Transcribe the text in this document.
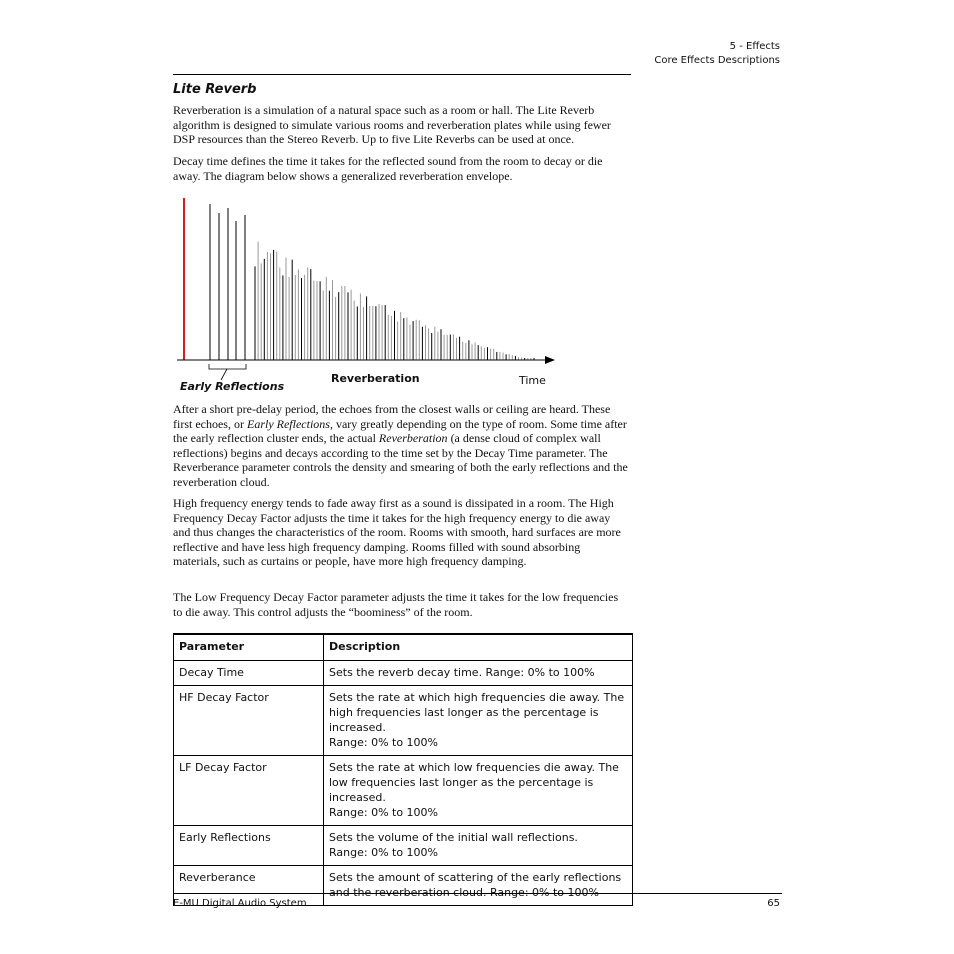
5 - Effects
Core Effects Descriptions
Lite Reverb

Reverberation is a simulation of a natural space such as a room or hall. The Lite Reverb algorithm is designed to simulate various rooms and reverberation plates while using fewer DSP resources than the Stereo Reverb. Up to five Lite Reverbs can be used at once.

Decay time defines the time it takes for the reflected sound from the room to decay or die away. The diagram below shows a generalized reverberation envelope.

Early Reflections
Reverberation	Time

After a short pre-delay period, the echoes from the closest walls or ceiling are heard. These first echoes, or Early Reflections, vary greatly depending on the type of room. Some time after the early reflection cluster ends, the actual Reverberation (a dense cloud of complex wall reflections) begins and decays according to the time set by the Decay Time parameter. The Reverberance parameter controls the density and smearing of both the early reflections and the reverberation cloud.

High frequency energy tends to fade away first as a sound is dissipated in a room. The High Frequency Decay Factor adjusts the time it takes for the high frequency energy to die away and thus changes the characteristics of the room. Rooms with smooth, hard surfaces are more reflective and have less high frequency damping. Rooms filled with sound absorbing materials, such as curtains or people, have more high frequency damping.

The Low Frequency Decay Factor parameter adjusts the time it takes for the low frequencies to die away. This control adjusts the “boominess” of the room.

Parameter	Description
Decay Time	Sets the reverb decay time. Range: 0% to 100%
HF Decay Factor	Sets the rate at which high frequencies die away. The high frequencies last longer as the percentage is increased.
Range: 0% to 100%
LF Decay Factor	Sets the rate at which low frequencies die away. The low frequencies last longer as the percentage is increased.
Range: 0% to 100%
Early Reflections	Sets the volume of the initial wall reflections.
Range: 0% to 100%
Reverberance	Sets the amount of scattering of the early reflections and the reverberation cloud. Range: 0% to 100%
E-MU Digital Audio System	65
